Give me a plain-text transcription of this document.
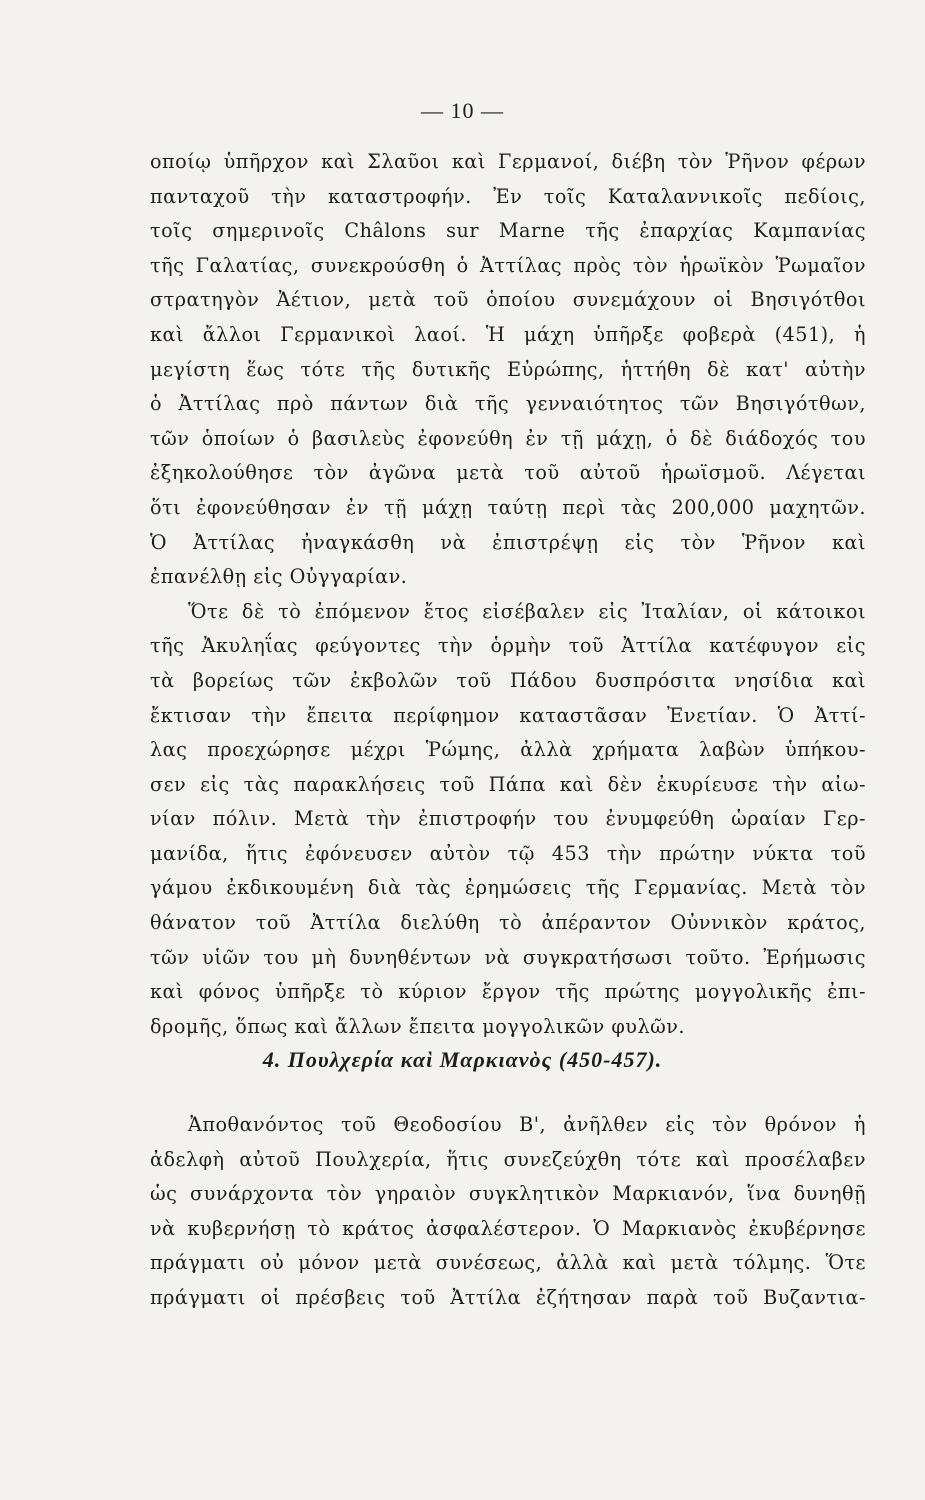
— 10 —

οποίῳ ὑπῆρχον καὶ Σλαῦοι καὶ Γερμανοί, διέβη τὸν Ῥῆνον φέρων

πανταχοῦ τὴν καταστροφήν. Ἐν τοῖς Καταλαννικοῖς πεδίοις,

τοῖς σημερινοῖς Châlons sur Marne τῆς ἐπαρχίας Καμπανίας

τῆς Γαλατίας, συνεκρούσθη ὁ Ἀττίλας πρὸς τὸν ἡρωϊκὸν Ῥωμαῖον

στρατηγὸν Ἀέτιον, μετὰ τοῦ ὁποίου συνεμάχουν οἱ Βησιγότθοι

καὶ ἄλλοι Γερμανικοὶ λαοί. Ἡ μάχη ὑπῆρξε φοβερὰ (451), ἡ

μεγίστη ἕως τότε τῆς δυτικῆς Εὐρώπης, ἡττήθη δὲ κατ' αὐτὴν

ὁ Ἀττίλας πρὸ πάντων διὰ τῆς γενναιότητος τῶν Βησιγότθων,

τῶν ὁποίων ὁ βασιλεὺς ἐφονεύθη ἐν τῇ μάχῃ, ὁ δὲ διάδοχός του

ἐξηκολούθησε τὸν ἀγῶνα μετὰ τοῦ αὐτοῦ ἡρωϊσμοῦ. Λέγεται

ὅτι ἐφονεύθησαν ἐν τῇ μάχῃ ταύτῃ περὶ τὰς 200,000 μαχητῶν.

Ὁ Ἀττίλας ἠναγκάσθη νὰ ἐπιστρέψῃ εἰς τὸν Ῥῆνον καὶ

ἐπανέλθῃ εἰς Οὐγγαρίαν.

Ὅτε δὲ τὸ ἐπόμενον ἔτος εἰσέβαλεν εἰς Ἰταλίαν, οἱ κάτοικοι

τῆς Ἀκυληΐας φεύγοντες τὴν ὁρμὴν τοῦ Ἀττίλα κατέφυγον εἰς

τὰ βορείως τῶν ἐκβολῶν τοῦ Πάδου δυσπρόσιτα νησίδια καὶ

ἔκτισαν τὴν ἔπειτα περίφημον καταστᾶσαν Ἐνετίαν. Ὁ Ἀττί-

λας προεχώρησε μέχρι Ῥώμης, ἀλλὰ χρήματα λαβὼν ὑπήκου-

σεν εἰς τὰς παρακλήσεις τοῦ Πάπα καὶ δὲν ἐκυρίευσε τὴν αἰω-

νίαν πόλιν. Μετὰ τὴν ἐπιστροφήν του ἐνυμφεύθη ὡραίαν Γερ-

μανίδα, ἥτις ἐφόνευσεν αὐτὸν τῷ 453 τὴν πρώτην νύκτα τοῦ

γάμου ἐκδικουμένη διὰ τὰς ἐρημώσεις τῆς Γερμανίας. Μετὰ τὸν

θάνατον τοῦ Ἀττίλα διελύθη τὸ ἀπέραντον Οὐννικὸν κράτος,

τῶν υἱῶν του μὴ δυνηθέντων νὰ συγκρατήσωσι τοῦτο. Ἐρήμωσις

καὶ φόνος ὑπῆρξε τὸ κύριον ἔργον τῆς πρώτης μογγολικῆς ἐπι-

δρομῆς, ὅπως καὶ ἄλλων ἔπειτα μογγολικῶν φυλῶν.

4. Πουλχερία καὶ Μαρκιανὸς (450-457).

Ἀποθανόντος τοῦ Θεοδοσίου Β', ἀνῆλθεν εἰς τὸν θρόνον ἡ

ἀδελφὴ αὐτοῦ Πουλχερία, ἥτις συνεζεύχθη τότε καὶ προσέλαβεν

ὡς συνάρχοντα τὸν γηραιὸν συγκλητικὸν Μαρκιανόν, ἵνα δυνηθῇ

νὰ κυβερνήσῃ τὸ κράτος ἀσφαλέστερον. Ὁ Μαρκιανὸς ἐκυβέρνησε

πράγματι οὐ μόνον μετὰ συνέσεως, ἀλλὰ καὶ μετὰ τόλμης. Ὅτε

πράγματι οἱ πρέσβεις τοῦ Ἀττίλα ἐζήτησαν παρὰ τοῦ Βυζαντια-
